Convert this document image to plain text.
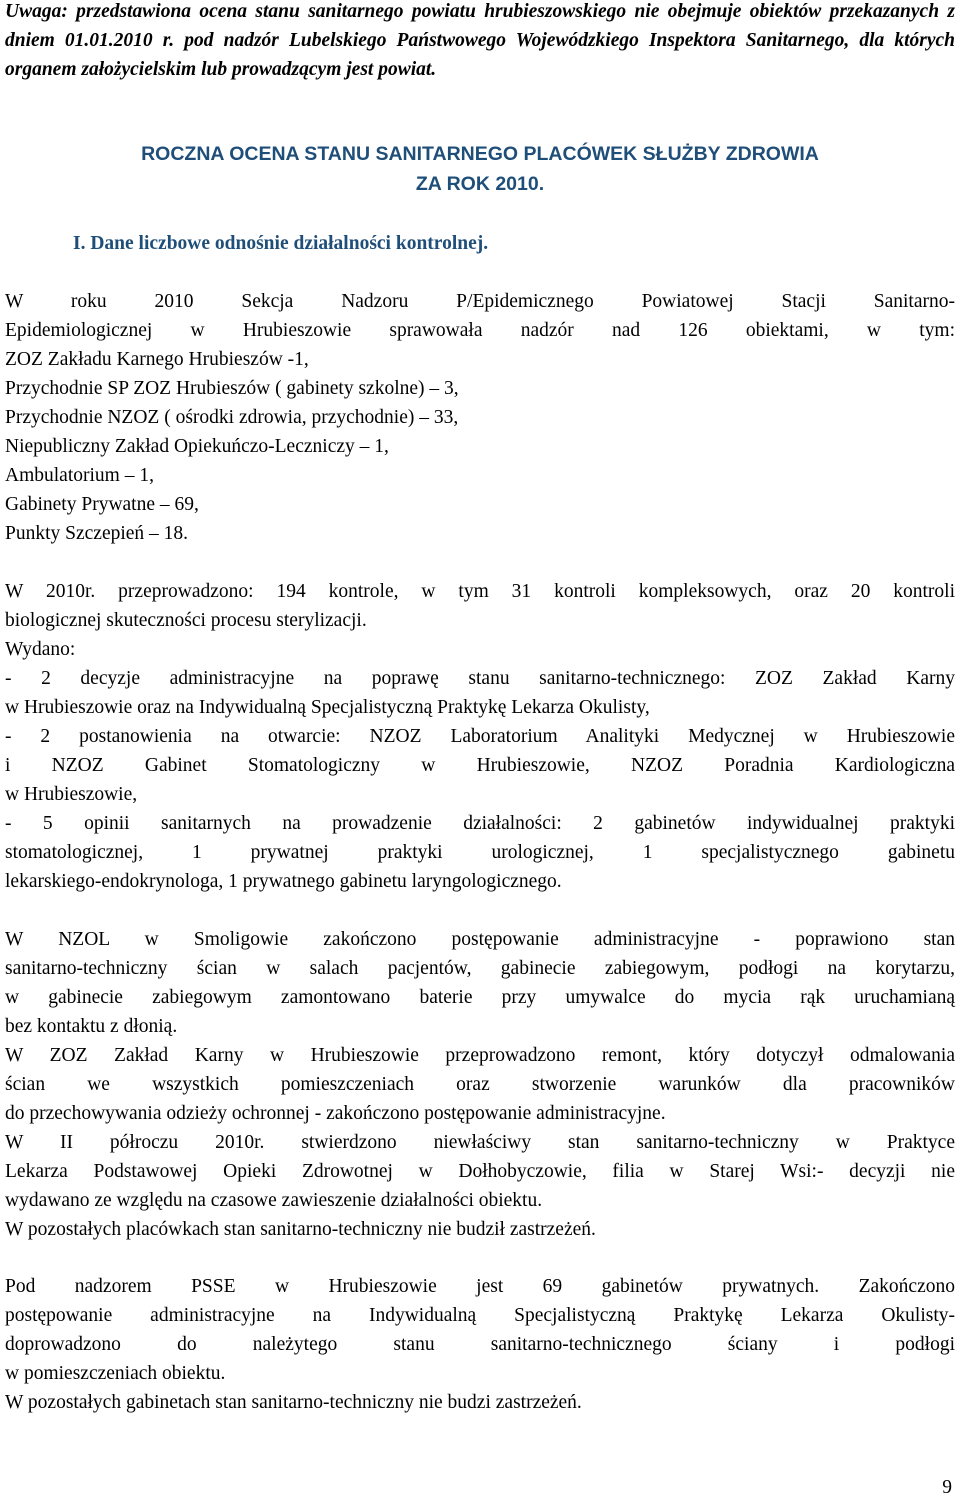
Uwaga: przedstawiona ocena stanu sanitarnego powiatu hrubieszowskiego nie obejmuje obiektów przekazanych z dniem 01.01.2010 r. pod nadzór Lubelskiego Państwowego Wojewódzkiego Inspektora Sanitarnego, dla których organem założycielskim lub prowadzącym jest powiat.
ROCZNA OCENA STANU SANITARNEGO PLACÓWEK SŁUŻBY ZDROWIA
ZA ROK 2010.
I. Dane liczbowe odnośnie działalności kontrolnej.
W roku 2010 Sekcja Nadzoru P/Epidemicznego Powiatowej Stacji Sanitarno-
Epidemiologicznej w Hrubieszowie sprawowała nadzór nad 126 obiektami, w tym:
ZOZ Zakładu Karnego Hrubieszów -1,
Przychodnie SP ZOZ Hrubieszów ( gabinety szkolne) – 3,
Przychodnie NZOZ ( ośrodki zdrowia, przychodnie) – 33,
Niepubliczny Zakład Opiekuńczo-Leczniczy – 1,
Ambulatorium – 1,
Gabinety Prywatne – 69,
Punkty Szczepień – 18.
W 2010r. przeprowadzono: 194 kontrole, w tym 31 kontroli kompleksowych, oraz 20 kontroli
biologicznej skuteczności procesu sterylizacji.
Wydano:
- 2 decyzje administracyjne na poprawę stanu sanitarno-technicznego: ZOZ Zakład Karny
w Hrubieszowie oraz na Indywidualną Specjalistyczną Praktykę Lekarza Okulisty,
- 2 postanowienia na otwarcie: NZOZ Laboratorium Analityki Medycznej w Hrubieszowie
i NZOZ Gabinet Stomatologiczny w Hrubieszowie, NZOZ Poradnia Kardiologiczna
w Hrubieszowie,
- 5 opinii sanitarnych na prowadzenie działalności: 2 gabinetów indywidualnej praktyki
stomatologicznej, 1 prywatnej praktyki urologicznej, 1 specjalistycznego gabinetu
lekarskiego-endokrynologa, 1 prywatnego gabinetu laryngologicznego.
W NZOL w Smoligowie zakończono postępowanie administracyjne - poprawiono stan
sanitarno-techniczny ścian w salach pacjentów, gabinecie zabiegowym, podłogi na korytarzu,
w gabinecie zabiegowym zamontowano baterie przy umywalce do mycia rąk uruchamianą
bez kontaktu z dłonią.
W ZOZ Zakład Karny w Hrubieszowie przeprowadzono remont, który dotyczył odmalowania
ścian we wszystkich pomieszczeniach oraz stworzenie warunków dla pracowników
do przechowywania odzieży ochronnej - zakończono postępowanie administracyjne.
W II półroczu 2010r. stwierdzono niewłaściwy stan sanitarno-techniczny w Praktyce
Lekarza Podstawowej Opieki Zdrowotnej w Dołhobyczowie, filia w Starej Wsi:- decyzji nie
wydawano ze względu na czasowe zawieszenie działalności obiektu.
W pozostałych placówkach stan sanitarno-techniczny nie budził zastrzeżeń.
Pod nadzorem PSSE w Hrubieszowie jest 69 gabinetów prywatnych. Zakończono
postępowanie administracyjne na Indywidualną Specjalistyczną Praktykę Lekarza Okulisty-
doprowadzono do należytego stanu sanitarno-technicznego ściany i podłogi
w pomieszczeniach obiektu.
W pozostałych gabinetach stan sanitarno-techniczny nie budzi zastrzeżeń.
9
